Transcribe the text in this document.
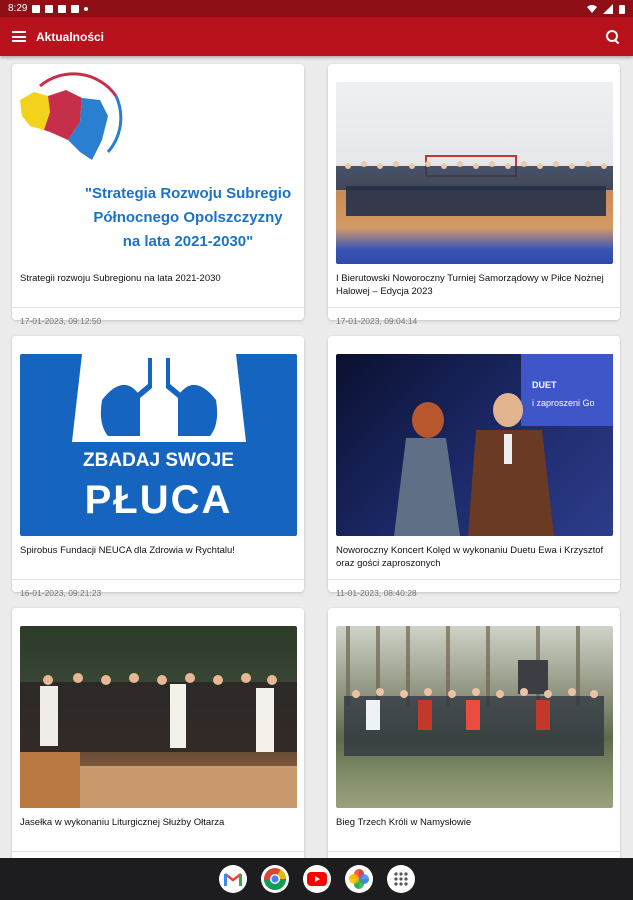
8:29
Aktualności
"Strategia Rozwoju Subregio
Północnego Opolszczyzny
na lata 2021-2030"
Strategii rozwoju Subregionu na lata 2021-2030
17-01-2023, 09:12:50
I Bierutowski Noworoczny Turniej Samorządowy w Piłce Nożnej Halowej – Edycja 2023
17-01-2023, 09:04:14
ZBADAJ SWOJE
PŁUCA
Spirobus Fundacji NEUCA dla Zdrowia w Rychtalu!
16-01-2023, 09:21:23
DUET
i zaproszeni Go
Noworoczny Koncert Kolęd w wykonaniu Duetu Ewa i Krzysztof oraz gości zaproszonych
11-01-2023, 08:40:28
Jasełka w wykonaniu Liturgicznej Służby Ołtarza	Bieg Trzech Króli w Namysłowie
